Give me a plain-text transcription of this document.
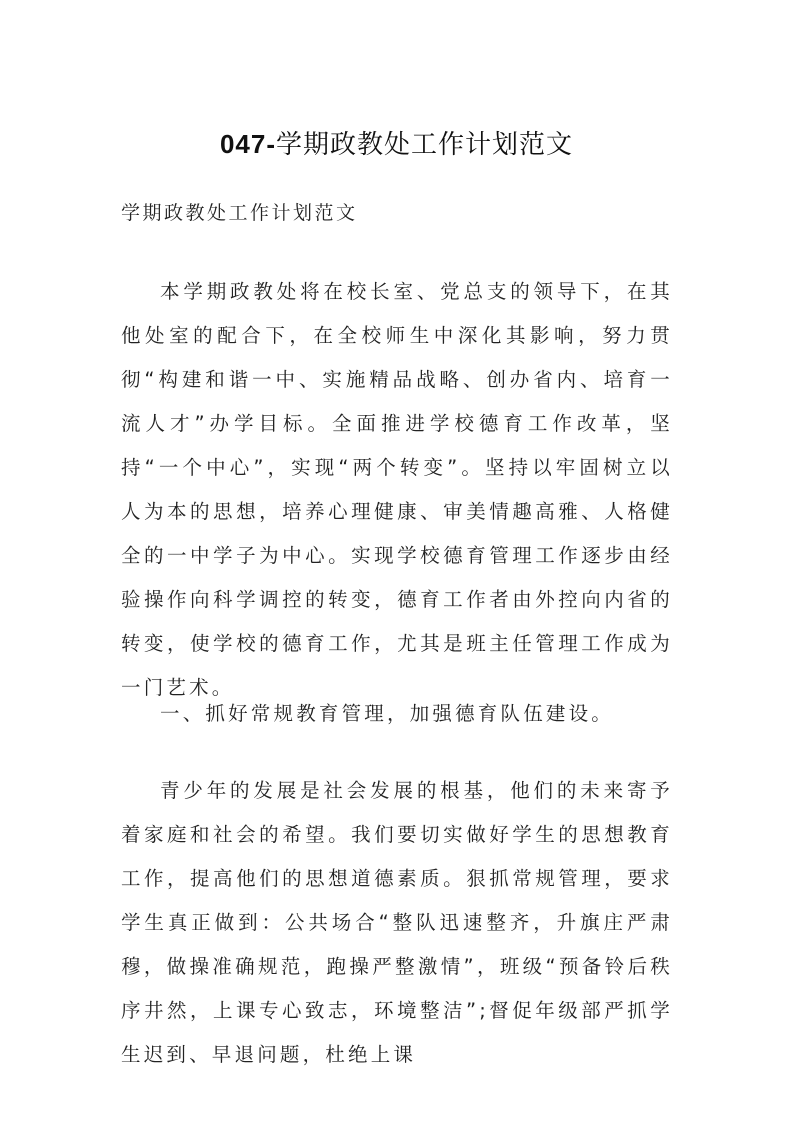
047-学期政教处工作计划范文
学期政教处工作计划范文

本学期政教处将在校长室、党总支的领导下，在其他处室的配合下，在全校师生中深化其影响，努力贯彻“构建和谐一中、实施精品战略、创办省内、培育一流人才”办学目标。全面推进学校德育工作改革，坚持“一个中心”，实现“两个转变”。坚持以牢固树立以人为本的思想，培养心理健康、审美情趣高雅、人格健全的一中学子为中心。实现学校德育管理工作逐步由经验操作向科学调控的转变，德育工作者由外控向内省的转变，使学校的德育工作，尤其是班主任管理工作成为一门艺术。

一、抓好常规教育管理，加强德育队伍建设。

青少年的发展是社会发展的根基，他们的未来寄予着家庭和社会的希望。我们要切实做好学生的思想教育工作，提高他们的思想道德素质。狠抓常规管理，要求学生真正做到：公共场合“整队迅速整齐，升旗庄严肃穆，做操准确规范，跑操严整激情”，班级“预备铃后秩序井然，上课专心致志，环境整洁”;督促年级部严抓学生迟到、早退问题，杜绝上课
